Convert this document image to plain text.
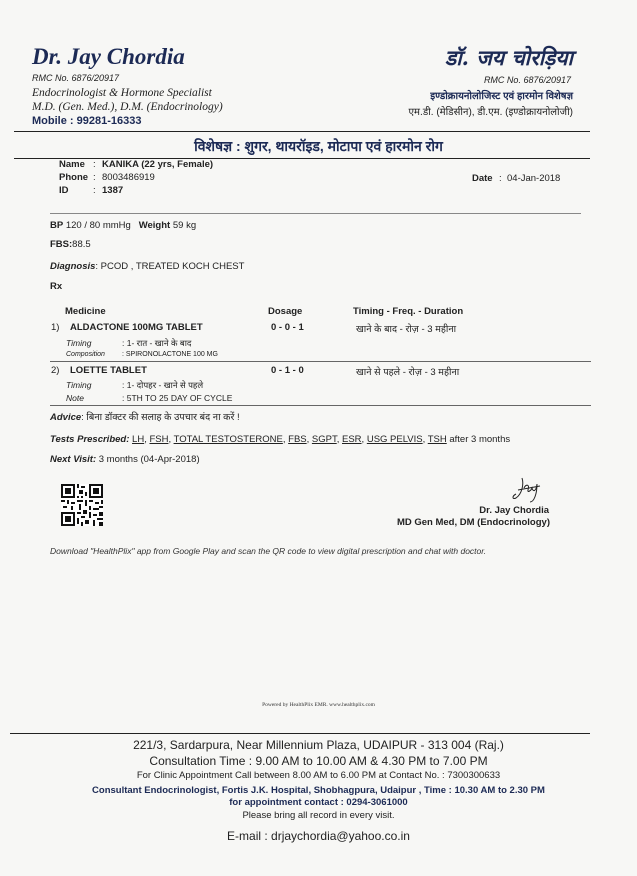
Dr. Jay Chordia
RMC No. 6876/20917
Endocrinologist & Hormone Specialist
M.D. (Gen. Med.), D.M. (Endocrinology)
Mobile : 99281-16333
डॉ. जय चोरड़िया
RMC No. 6876/20917
इण्डोक्रायनोलोजिस्ट एवं हारमोन विशेषज्ञ
एम.डी. (मेडिसीन), डी.एम. (इण्डोक्रायनोलोजी)
विशेषज्ञ : शुगर, थायरॉइड, मोटापा एवं हारमोन रोग
Name : KANIKA (22 yrs, Female)
Phone : 8003486919
ID	: 1387
Date : 04-Jan-2018
BP 120 / 80 mmHg Weight 59 kg
FBS:88.5
Diagnosis: PCOD , TREATED KOCH CHEST
Rx
Medicine	Dosage	Timing - Freq. - Duration
1) ALDACTONE 100MG TABLET	0 - 0 - 1	खाने के बाद - रोज़ - 3 महीना
Timing	: 1- रात - खाने के बाद
Composition : SPIRONOLACTONE 100 MG
2) LOETTE TABLET	0 - 1 - 0	खाने से पहले - रोज़ - 3 महीना
Timing	: 1- दोपहर - खाने से पहले
Note	: 5TH TO 25 DAY OF CYCLE
Advice: बिना डॉक्टर की सलाह के उपचार बंद ना करें !
Tests Prescribed: LH, FSH, TOTAL TESTOSTERONE, FBS, SGPT, ESR, USG PELVIS, TSH after 3 months
Next Visit: 3 months (04-Apr-2018)
Dr. Jay Chordia
MD Gen Med, DM (Endocrinology)
Download "HealthPlix" app from Google Play and scan the QR code to view digital prescription and chat with doctor.
Powered by HealthPlix EMR. www.healthplix.com
221/3, Sardarpura, Near Millennium Plaza, UDAIPUR - 313 004 (Raj.)
Consultation Time : 9.00 AM to 10.00 AM & 4.30 PM to 7.00 PM
For Clinic Appointment Call between 8.00 AM to 6.00 PM at Contact No. : 7300300633
Consultant Endocrinologist, Fortis J.K. Hospital, Shobhagpura, Udaipur , Time : 10.30 AM to 2.30 PM
for appointment contact : 0294-3061000
Please bring all record in every visit.
E-mail : drjaychordia@yahoo.co.in
